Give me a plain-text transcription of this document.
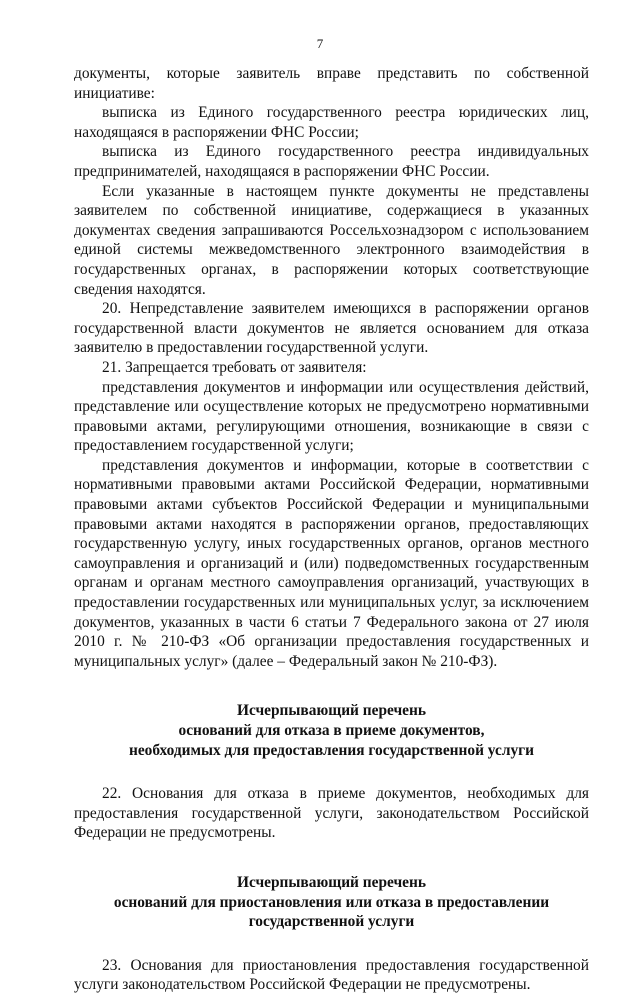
7

документы, которые заявитель вправе представить по собственной инициативе:

выписка из Единого государственного реестра юридических лиц, находящаяся в распоряжении ФНС России;

выписка из Единого государственного реестра индивидуальных предпринимателей, находящаяся в распоряжении ФНС России.

Если указанные в настоящем пункте документы не представлены заявителем по собственной инициативе, содержащиеся в указанных документах сведения запрашиваются Россельхознадзором с использованием единой системы межведомственного электронного взаимодействия в государственных органах, в распоряжении которых соответствующие сведения находятся.

20. Непредставление заявителем имеющихся в распоряжении органов государственной власти документов не является основанием для отказа заявителю в предоставлении государственной услуги.

21. Запрещается требовать от заявителя:

представления документов и информации или осуществления действий, представление или осуществление которых не предусмотрено нормативными правовыми актами, регулирующими отношения, возникающие в связи с предоставлением государственной услуги;

представления документов и информации, которые в соответствии с нормативными правовыми актами Российской Федерации, нормативными правовыми актами субъектов Российской Федерации и муниципальными правовыми актами находятся в распоряжении органов, предоставляющих государственную услугу, иных государственных органов, органов местного самоуправления и организаций и (или) подведомственных государственным органам и органам местного самоуправления организаций, участвующих в предоставлении государственных или муниципальных услуг, за исключением документов, указанных в части 6 статьи 7 Федерального закона от 27 июля 2010 г. № 210-ФЗ «Об организации предоставления государственных и муниципальных услуг» (далее – Федеральный закон № 210-ФЗ).

Исчерпывающий перечень
оснований для отказа в приеме документов,
необходимых для предоставления государственной услуги

22. Основания для отказа в приеме документов, необходимых для предоставления государственной услуги, законодательством Российской Федерации не предусмотрены.

Исчерпывающий перечень
оснований для приостановления или отказа в предоставлении
государственной услуги

23. Основания для приостановления предоставления государственной услуги законодательством Российской Федерации не предусмотрены.
